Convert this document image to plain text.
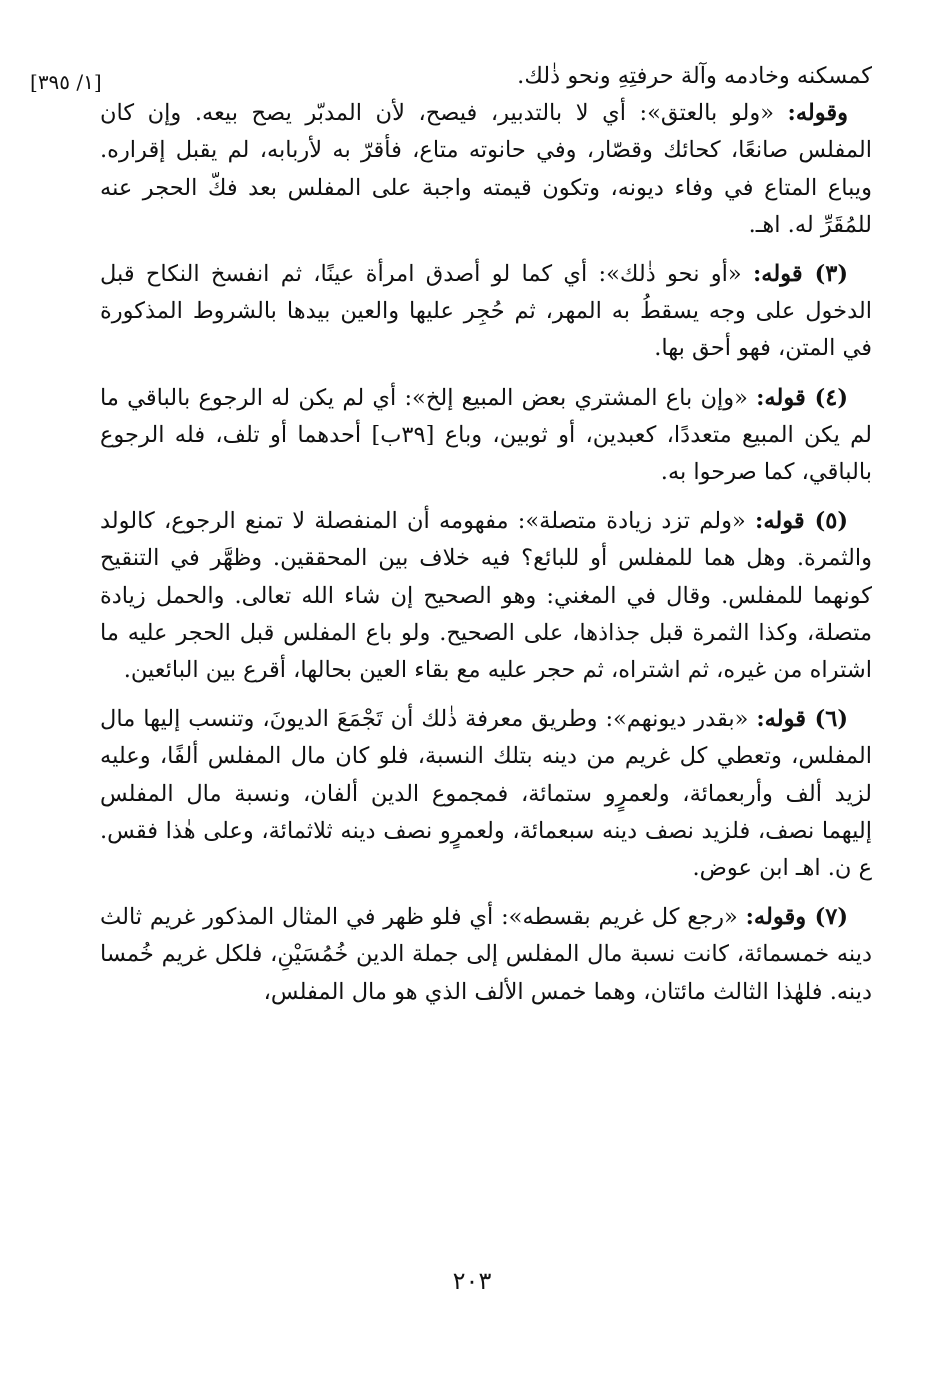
[١/ ٣٩٥]	كمسكنه وخادمه وآلة حرفتِهِ ونحو ذٰلك.

وقوله: «ولو بالعتق»: أي لا بالتدبير، فيصح، لأن المدبّر يصح بيعه. وإن كان المفلس صانعًا، كحائك وقصّار، وفي حانوته متاع، فأقرّ به لأربابه، لم يقبل إقراره. ويباع المتاع في وفاء ديونه، وتكون قيمته واجبة على المفلس بعد فكّ الحجر عنه للمُقَرِّ له. اهـ.

(٣) قوله: «أو نحو ذٰلك»: أي كما لو أصدق امرأة عينًا، ثم انفسخ النكاح قبل الدخول على وجه يسقطُ به المهر، ثم حُجِر عليها والعين بيدها بالشروط المذكورة في المتن، فهو أحق بها.

(٤) قوله: «وإن باع المشتري بعض المبيع إلخ»: أي لم يكن له الرجوع بالباقي ما لم يكن المبيع متعددًا، كعبدين، أو ثوبين، وباع [٣٩ب] أحدهما أو تلف، فله الرجوع بالباقي، كما صرحوا به.

(٥) قوله: «ولم تزد زيادة متصلة»: مفهومه أن المنفصلة لا تمنع الرجوع، كالولد والثمرة. وهل هما للمفلس أو للبائع؟ فيه خلاف بين المحققين. وظهَّر في التنقيح كونهما للمفلس. وقال في المغني: وهو الصحيح إن شاء الله تعالى. والحمل زيادة متصلة، وكذا الثمرة قبل جذاذها، على الصحيح. ولو باع المفلس قبل الحجر عليه ما اشتراه من غيره، ثم اشتراه، ثم حجر عليه مع بقاء العين بحالها، أقرع بين البائعين.

(٦) قوله: «بقدر ديونهم»: وطريق معرفة ذٰلك أن تَجْمَعَ الديونَ، وتنسب إليها مال المفلس، وتعطي كل غريم من دينه بتلك النسبة، فلو كان مال المفلس ألفًا، وعليه لزيد ألف وأربعمائة، ولعمرٍو ستمائة، فمجموع الدين ألفان، ونسبة مال المفلس إليهما نصف، فلزيد نصف دينه سبعمائة، ولعمرٍو نصف دينه ثلاثمائة، وعلى هٰذا فقس. ع ن. اهـ ابن عوض.

(٧) وقوله: «رجع كل غريم بقسطه»: أي فلو ظهر في المثال المذكور غريم ثالث دينه خمسمائة، كانت نسبة مال المفلس إلى جملة الدين خُمُسَيْنِ، فلكل غريم خُمسا دينه. فلهٰذا الثالث مائتان، وهما خمس الألف الذي هو مال المفلس،

٢٠٣
